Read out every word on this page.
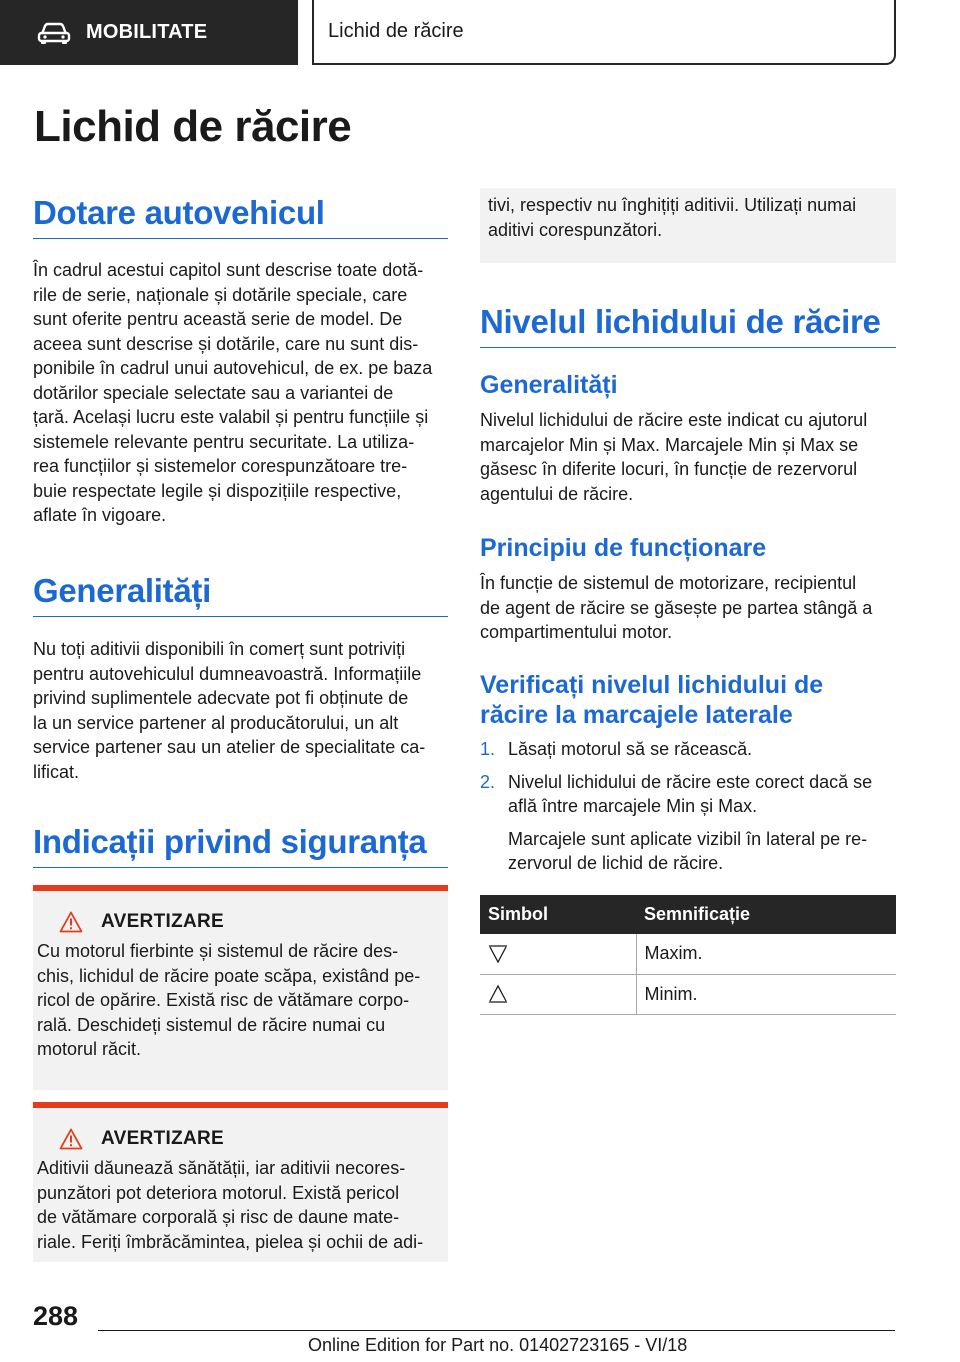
MOBILITATE	Lichid de răcire
Lichid de răcire
Dotare autovehicul
În cadrul acestui capitol sunt descrise toate dotă‐
rile de serie, naționale și dotările speciale, care
sunt oferite pentru această serie de model. De
aceea sunt descrise și dotările, care nu sunt dis‐
ponibile în cadrul unui autovehicul, de ex. pe baza
dotărilor speciale selectate sau a variantei de
țară. Același lucru este valabil și pentru funcțiile și
sistemele relevante pentru securitate. La utiliza‐
rea funcțiilor și sistemelor corespunzătoare tre‐
buie respectate legile și dispozițiile respective,
aflate în vigoare.
Generalități
Nu toți aditivii disponibili în comerț sunt potriviți
pentru autovehiculul dumneavoastră. Informațiile
privind suplimentele adecvate pot fi obținute de
la un service partener al producătorului, un alt
service partener sau un atelier de specialitate ca‐
lificat.
Indicații privind siguranța
AVERTIZARE
Cu motorul fierbinte și sistemul de răcire des‐
chis, lichidul de răcire poate scăpa, existând pe‐
ricol de opărire. Există risc de vătămare corpo‐
rală. Deschideți sistemul de răcire numai cu
motorul răcit.
AVERTIZARE
Aditivii dăunează sănătății, iar aditivii necores‐
punzători pot deteriora motorul. Există pericol
de vătămare corporală și risc de daune mate‐
riale. Feriți îmbrăcămintea, pielea și ochii de adi‐
tivi, respectiv nu înghițiți aditivii. Utilizați numai
aditivi corespunzători.
Nivelul lichidului de răcire
Generalități
Nivelul lichidului de răcire este indicat cu ajutorul
marcajelor Min și Max. Marcajele Min și Max se
găsesc în diferite locuri, în funcție de rezervorul
agentului de răcire.
Principiu de funcționare
În funcție de sistemul de motorizare, recipientul
de agent de răcire se găsește pe partea stângă a
compartimentului motor.
Verificați nivelul lichidului de
răcire la marcajele laterale
1. Lăsați motorul să se răcească.
2. Nivelul lichidului de răcire este corect dacă se
află între marcajele Min și Max.
Marcajele sunt aplicate vizibil în lateral pe re‐
zervorul de lichid de răcire.
Simbol	Semnificație

	Maxim.

	Minim.
288
Online Edition for Part no. 01402723165 - VI/18
